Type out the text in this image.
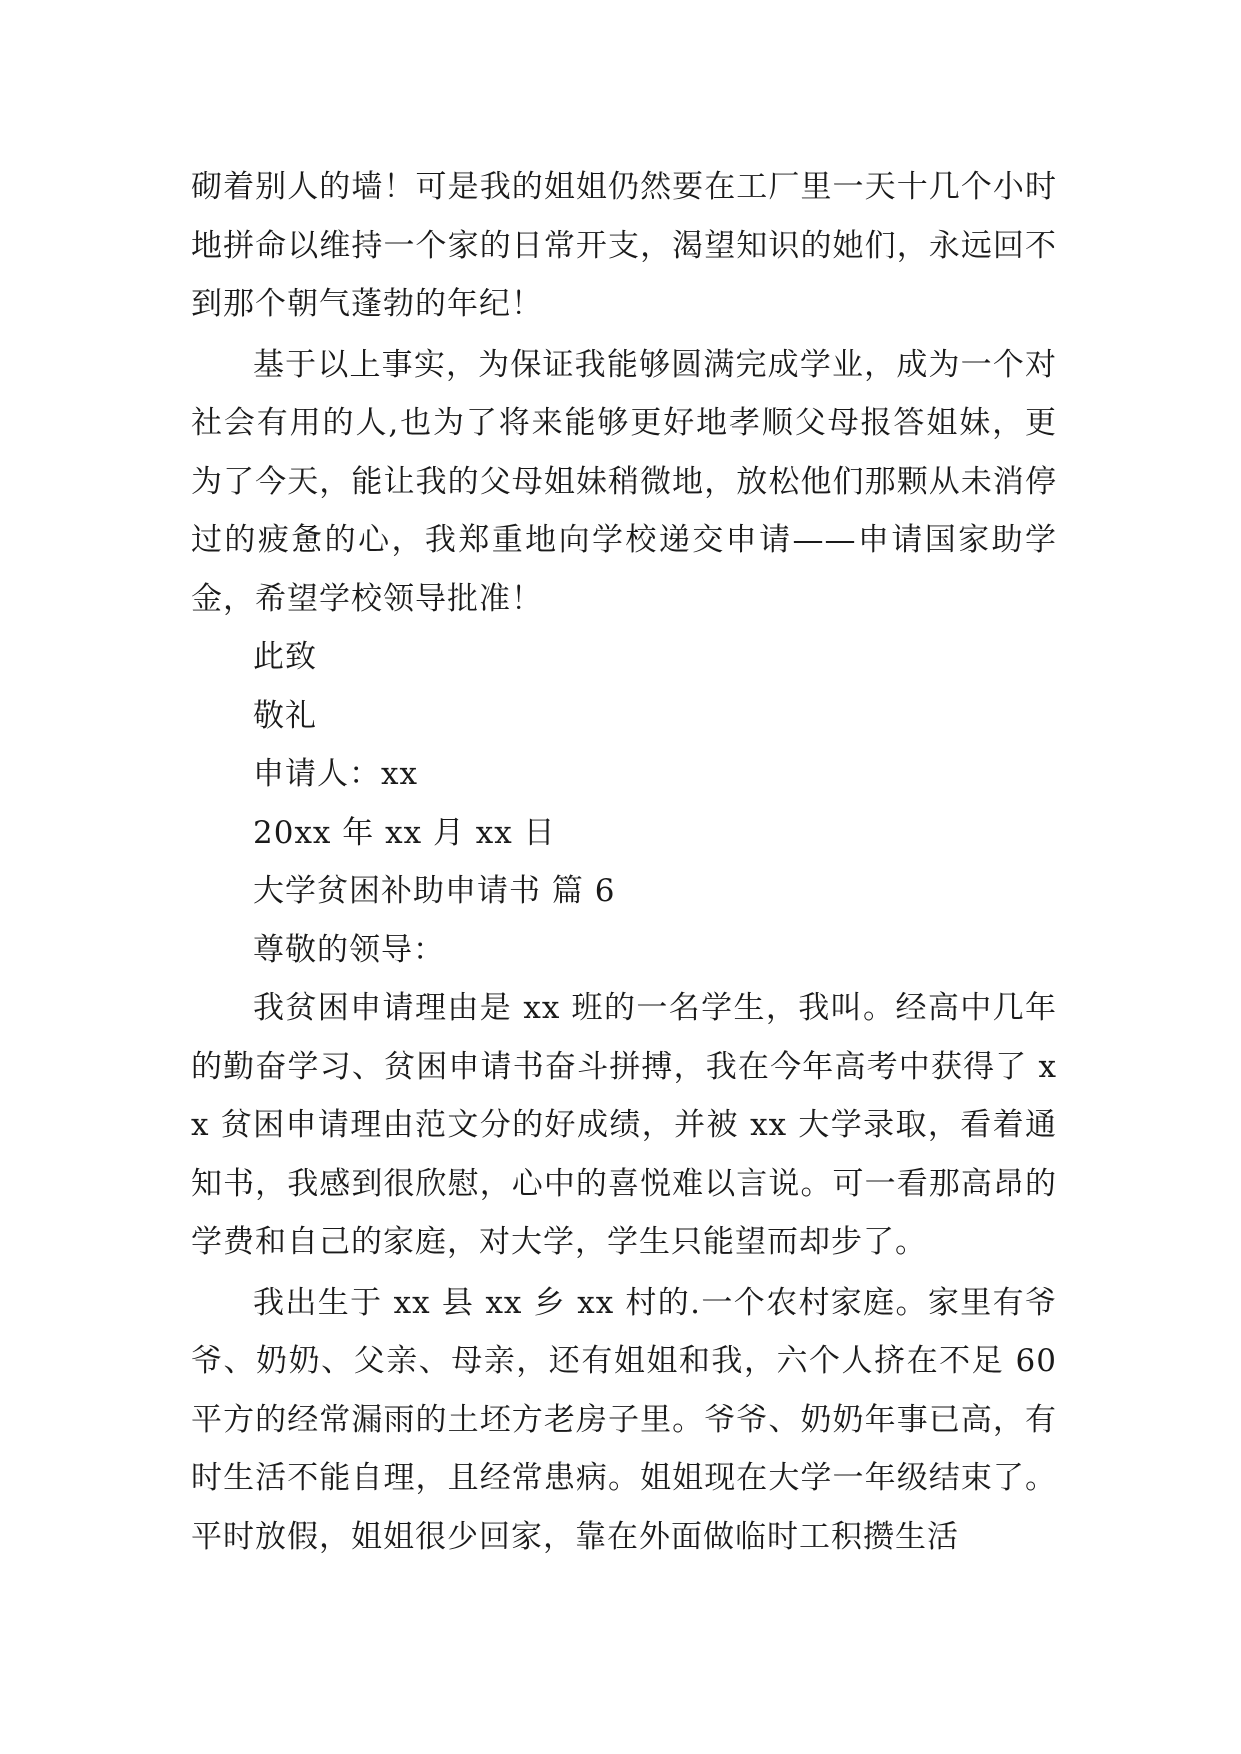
砌着别人的墙！可是我的姐姐仍然要在工厂里一天十几个小时地拼命以维持一个家的日常开支，渴望知识的她们，永远回不到那个朝气蓬勃的年纪！

基于以上事实，为保证我能够圆满完成学业，成为一个对社会有用的人,也为了将来能够更好地孝顺父母报答姐妹，更为了今天，能让我的父母姐妹稍微地，放松他们那颗从未消停过的疲惫的心，我郑重地向学校递交申请——申请国家助学金，希望学校领导批准！

此致

敬礼

申请人：xx

20xx 年 xx 月 xx 日

大学贫困补助申请书 篇 6

尊敬的领导：

我贫困申请理由是 xx 班的一名学生，我叫。经高中几年的勤奋学习、贫困申请书奋斗拼搏，我在今年高考中获得了 xx 贫困申请理由范文分的好成绩，并被 xx 大学录取，看着通知书，我感到很欣慰，心中的喜悦难以言说。可一看那高昂的学费和自己的家庭，对大学，学生只能望而却步了。

我出生于 xx 县 xx 乡 xx 村的.一个农村家庭。家里有爷爷、奶奶、父亲、母亲，还有姐姐和我，六个人挤在不足 60 平方的经常漏雨的土坯方老房子里。爷爷、奶奶年事已高，有时生活不能自理，且经常患病。姐姐现在大学一年级结束了。平时放假，姐姐很少回家，靠在外面做临时工积攒生活
